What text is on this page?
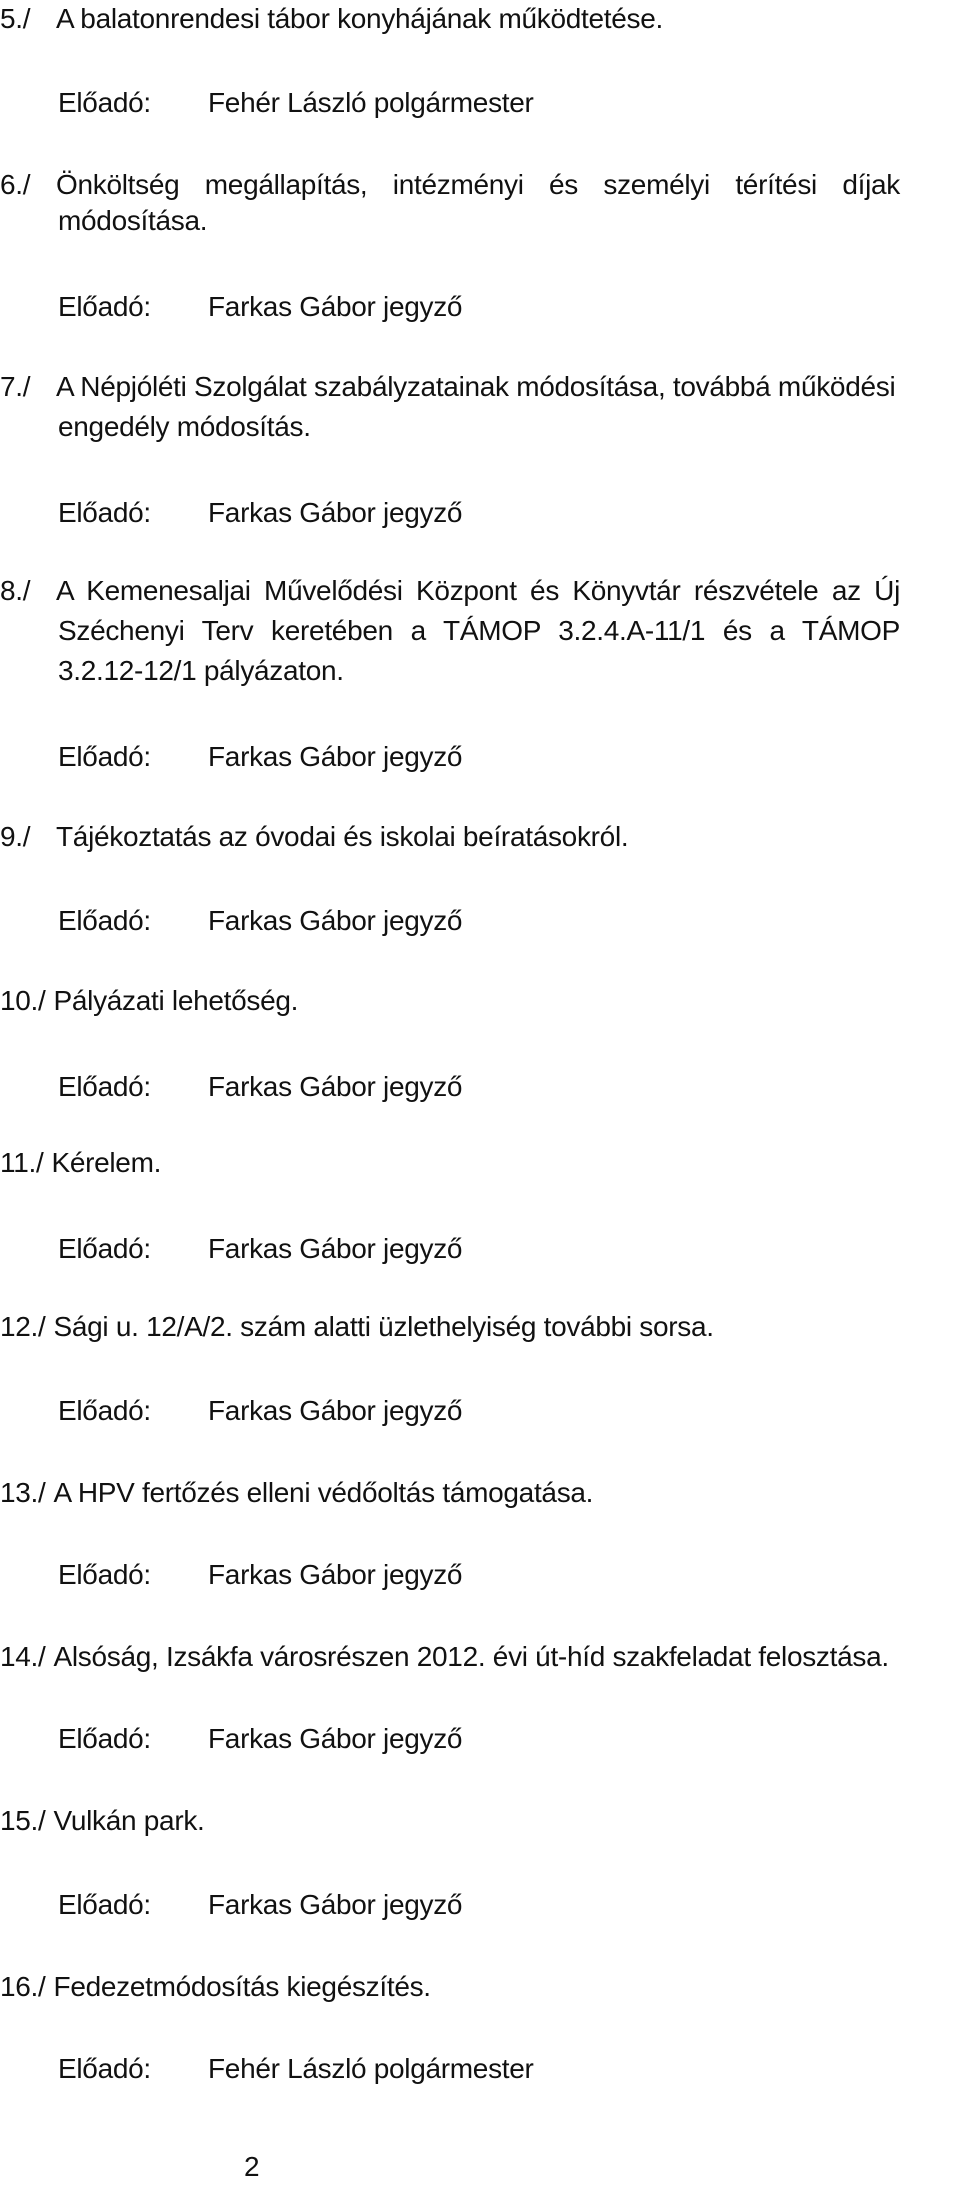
5./ A balatonrendesi tábor konyhájának működtetése.
Előadó: Fehér László polgármester
6./ Önköltség megállapítás, intézményi és személyi térítési díjak
módosítása.
Előadó: Farkas Gábor jegyző
7./ A Népjóléti Szolgálat szabályzatainak módosítása, továbbá működési
engedély módosítás.
Előadó: Farkas Gábor jegyző
8./ A Kemenesaljai Művelődési Központ és Könyvtár részvétele az Új
Széchenyi Terv keretében a TÁMOP 3.2.4.A-11/1 és a TÁMOP
3.2.12-12/1 pályázaton.
Előadó: Farkas Gábor jegyző
9./ Tájékoztatás az óvodai és iskolai beíratásokról.
Előadó: Farkas Gábor jegyző
10./ Pályázati lehetőség.
Előadó: Farkas Gábor jegyző
11./ Kérelem.
Előadó: Farkas Gábor jegyző
12./ Sági u. 12/A/2. szám alatti üzlethelyiség további sorsa.
Előadó: Farkas Gábor jegyző
13./ A HPV fertőzés elleni védőoltás támogatása.
Előadó: Farkas Gábor jegyző
14./ Alsóság, Izsákfa városrészen 2012. évi út-híd szakfeladat felosztása.
Előadó: Farkas Gábor jegyző
15./ Vulkán park.
Előadó: Farkas Gábor jegyző
16./ Fedezetmódosítás kiegészítés.
Előadó: Fehér László polgármester
2
